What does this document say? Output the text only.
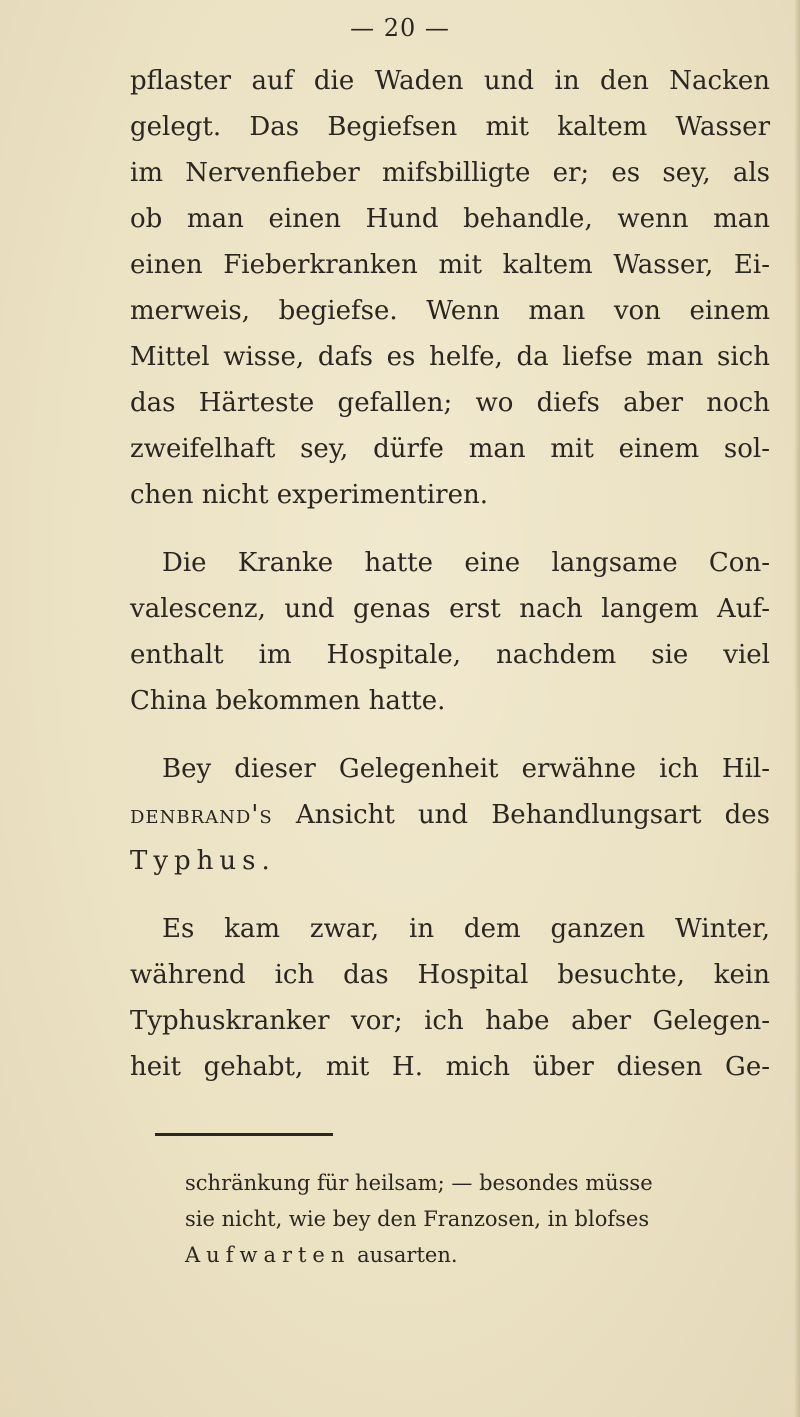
— 20 —
pflaster auf die Waden und in den Nacken
gelegt. Das Begiefsen mit kaltem Wasser
im Nervenfieber mifsbilligte er; es sey, als
ob man einen Hund behandle, wenn man
einen Fieberkranken mit kaltem Wasser, Ei-
merweis, begiefse. Wenn man von einem
Mittel wisse, dafs es helfe, da liefse man sich
das Härteste gefallen; wo diefs aber noch
zweifelhaft sey, dürfe man mit einem sol-
chen nicht experimentiren.
Die Kranke hatte eine langsame Con-
valescenz, und genas erst nach langem Auf-
enthalt im Hospitale, nachdem sie viel
China bekommen hatte.
Bey dieser Gelegenheit erwähne ich Hil-
denbrand's Ansicht und Behandlungsart des
Typhus.
Es kam zwar, in dem ganzen Winter,
während ich das Hospital besuchte, kein
Typhuskranker vor; ich habe aber Gelegen-
heit gehabt, mit H. mich über diesen Ge-
schränkung für heilsam; — besondes müsse
sie nicht, wie bey den Franzosen, in blofses
Aufwarten ausarten.
